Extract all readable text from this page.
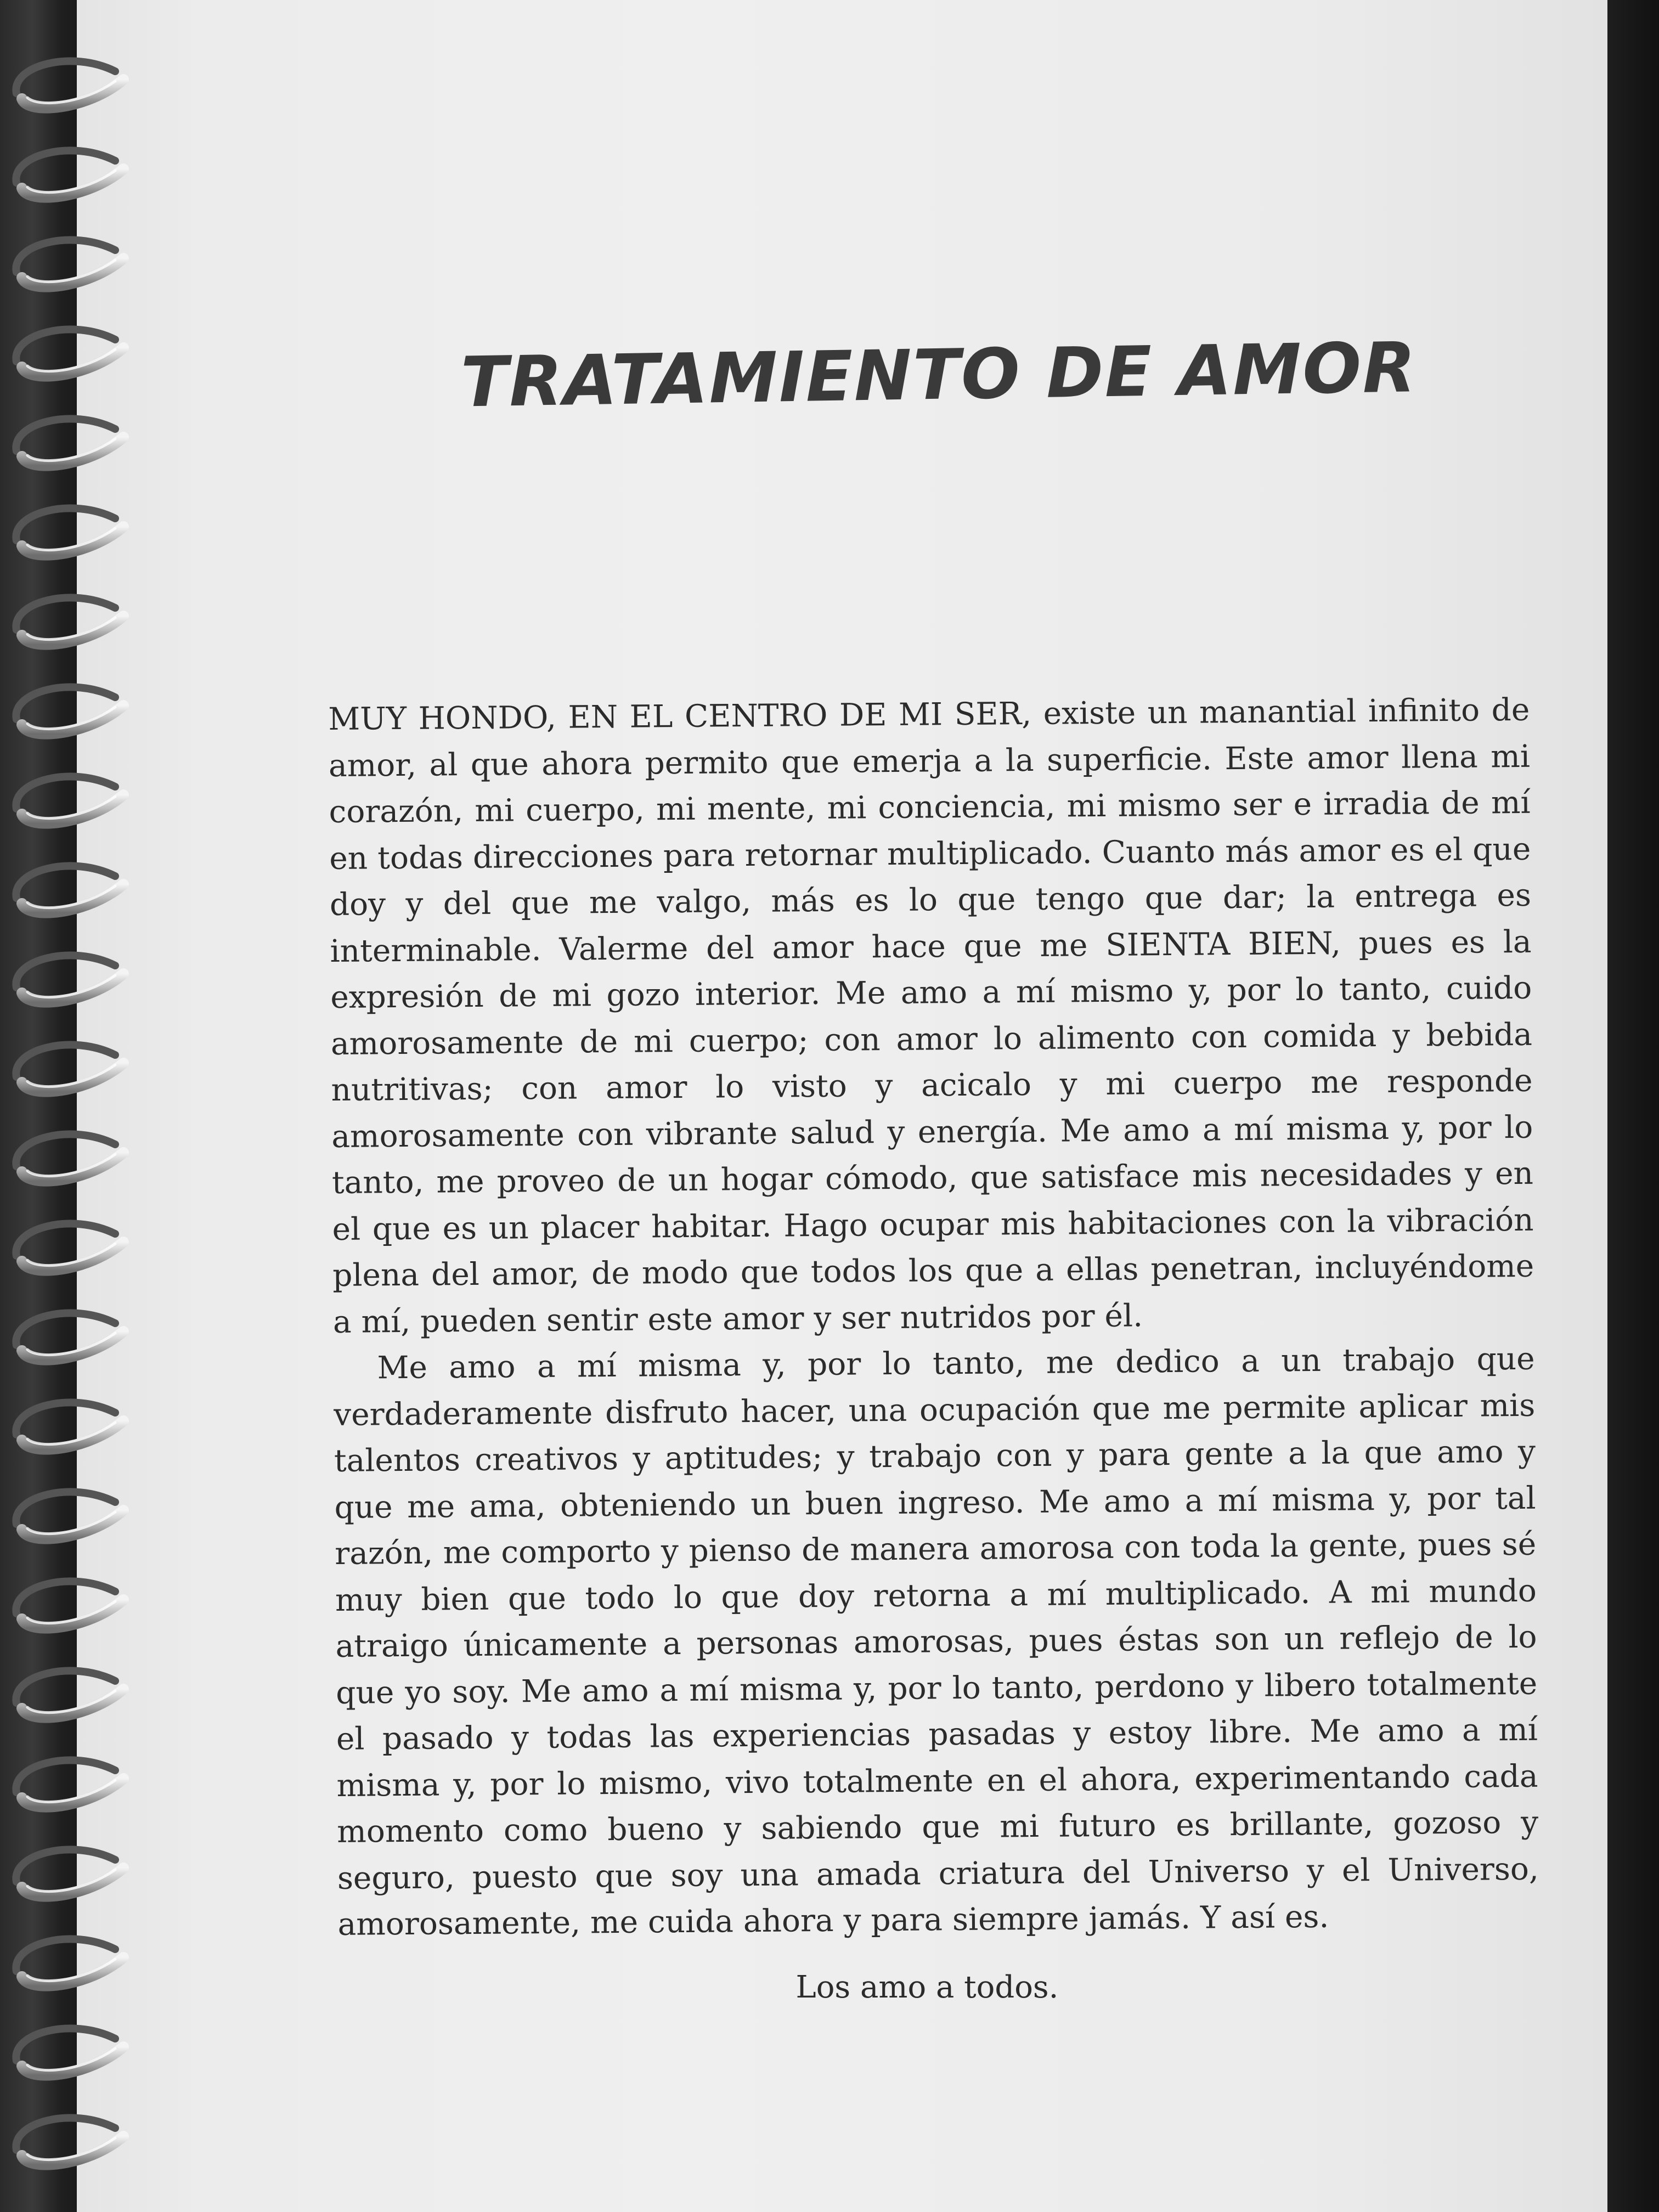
TRATAMIENTO DE AMOR

MUY HONDO, EN EL CENTRO DE MI SER, existe un manantial infinito de amor, al que ahora permito que emerja a la superficie. Este amor llena mi corazón, mi cuerpo, mi mente, mi conciencia, mi mismo ser e irradia de mí en todas direcciones para retornar multiplicado. Cuanto más amor es el que doy y del que me valgo, más es lo que tengo que dar; la entrega es interminable. Valerme del amor hace que me SIENTA BIEN, pues es la expresión de mi gozo interior. Me amo a mí mismo y, por lo tanto, cuido amorosamente de mi cuerpo; con amor lo alimento con comida y bebida nutritivas; con amor lo visto y acicalo y mi cuerpo me responde amorosamente con vibrante salud y energía. Me amo a mí misma y, por lo tanto, me proveo de un hogar cómodo, que satisface mis necesidades y en el que es un placer habitar. Hago ocupar mis habitaciones con la vibración plena del amor, de modo que todos los que a ellas penetran, incluyéndome a mí, pueden sentir este amor y ser nutridos por él.

Me amo a mí misma y, por lo tanto, me dedico a un trabajo que verdaderamente disfruto hacer, una ocupación que me permite aplicar mis talentos creativos y aptitudes; y trabajo con y para gente a la que amo y que me ama, obteniendo un buen ingreso. Me amo a mí misma y, por tal razón, me comporto y pienso de manera amorosa con toda la gente, pues sé muy bien que todo lo que doy retorna a mí multiplicado. A mi mundo atraigo únicamente a personas amorosas, pues éstas son un reflejo de lo que yo soy. Me amo a mí misma y, por lo tanto, perdono y libero totalmente el pasado y todas las experiencias pasadas y estoy libre. Me amo a mí misma y, por lo mismo, vivo totalmente en el ahora, experimentando cada momento como bueno y sabiendo que mi futuro es brillante, gozoso y seguro, puesto que soy una amada criatura del Universo y el Universo, amorosamente, me cuida ahora y para siempre jamás. Y así es.

Los amo a todos.
